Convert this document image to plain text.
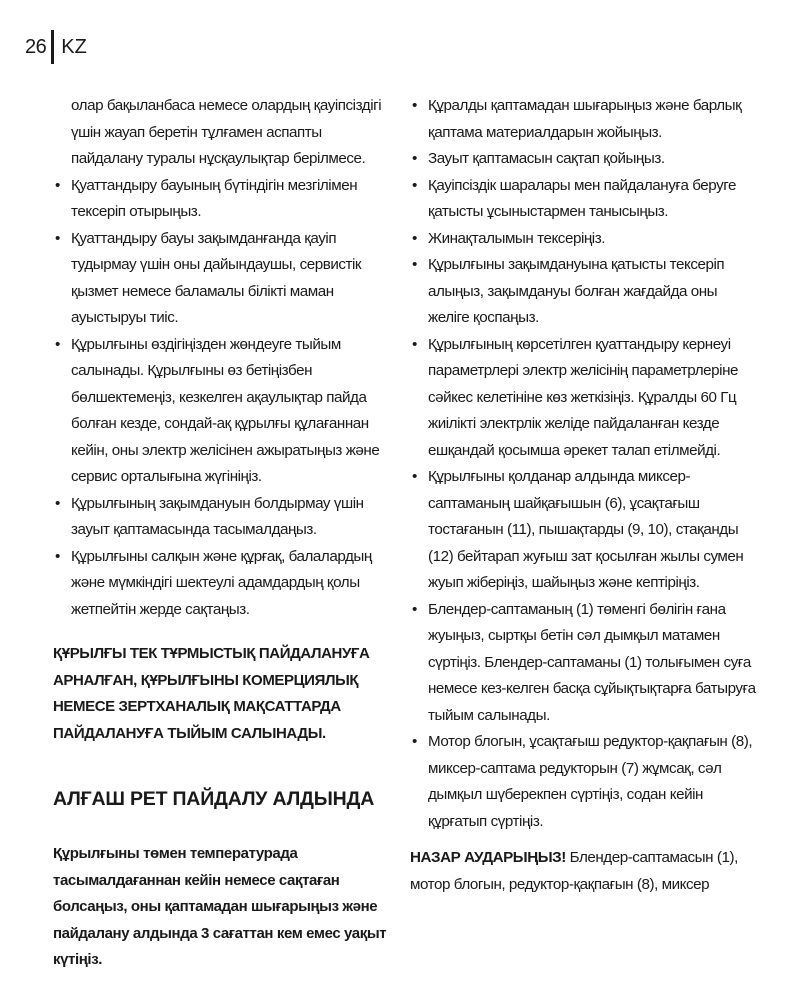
26 KZ
олар бақыланбаса немесе олардың қауіпсіздігі үшін жауап беретін тұлғамен аспапты пайдалану туралы нұсқаулықтар берілмесе.
• Қуаттандыру бауының бүтіндігін мезгілімен тексеріп отырыңыз.
• Қуаттандыру бауы зақымданғанда қауіп тудырмау үшін оны дайындаушы, сервистік қызмет немесе баламалы білікті маман ауыстыруы тиіс.
• Құрылғыны өздігіңізден жөндеуге тыйым салынады. Құрылғыны өз бетіңізбен бөлшектемеңіз, кезкелген ақаулықтар пайда болған кезде, сондай-ақ құрылғы құлағаннан кейін, оны электр желісінен ажыратыңыз және сервис орталығына жүгініңіз.
• Құрылғының зақымдануын болдырмау үшін зауыт қаптамасында тасымалдаңыз.
• Құрылғыны салқын және құрғақ, балалардың және мүмкіндігі шектеулі адамдардың қолы жетпейтін жерде сақтаңыз.
ҚҰРЫЛҒЫ ТЕК ТҰРМЫСТЫҚ ПАЙДАЛАНУҒА АРНАЛҒАН, ҚҰРЫЛҒЫНЫ КОМЕРЦИЯЛЫҚ НЕМЕСЕ ЗЕРТХАНАЛЫҚ МАҚСАТТАРДА ПАЙДАЛАНУҒА ТЫЙЫМ САЛЫНАДЫ.
АЛҒАШ РЕТ ПАЙДАЛУ АЛДЫНДА
Құрылғыны төмен температурада тасымалдағаннан кейін немесе сақтаған болсаңыз, оны қаптамадан шығарыңыз және пайдалану алдында 3 сағаттан кем емес уақыт күтіңіз.
• Құралды қаптамадан шығарыңыз және барлық қаптама материалдарын жойыңыз.
• Зауыт қаптамасын сақтап қойыңыз.
• Қауіпсіздік шаралары мен пайдалануға беруге қатысты ұсыныстармен танысыңыз.
• Жинақталымын тексеріңіз.
• Құрылғыны зақымдануына қатысты тексеріп алыңыз, зақымдануы болған жағдайда оны желіге қоспаңыз.
• Құрылғының көрсетілген қуаттандыру кернеуі параметрлері электр желісінің параметрлеріне сәйкес келетініне көз жеткізіңіз. Құралды 60 Гц жиілікті электрлік желіде пайдаланған кезде ешқандай қосымша әрекет талап етілмейді.
• Құрылғыны қолданар алдында миксер-саптаманың шайқағышын (6), ұсақтағыш тостағанын (11), пышақтарды (9, 10), стақанды (12) бейтарап жуғыш зат қосылған жылы сумен жуып жіберіңіз, шайыңыз және кептіріңіз.
• Блендер-саптаманың (1) төменгі бөлігін ғана жуыңыз, сыртқы бетін сәл дымқыл матамен сүртіңіз. Блендер-саптаманы (1) толығымен суға немесе кез-келген басқа сұйықтықтарға батыруға тыйым салынады.
• Мотор блогын, ұсақтағыш редуктор-қақпағын (8), миксер-саптама редукторын (7) жұмсақ, сәл дымқыл шүберекпен сүртіңіз, содан кейін құрғатып сүртіңіз.
НАЗАР АУДАРЫҢЫЗ! Блендер-саптамасын (1), мотор блогын, редуктор-қақпағын (8), миксер
